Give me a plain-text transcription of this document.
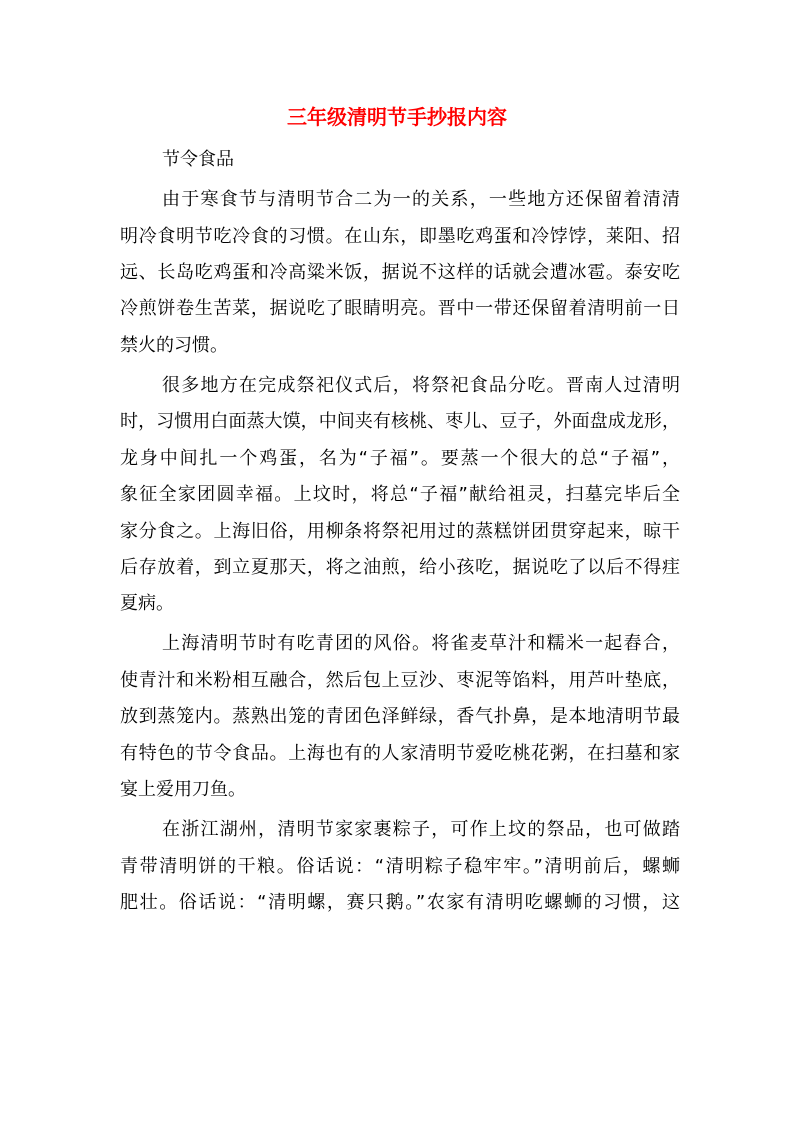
三年级清明节手抄报内容
节令食品
由于寒食节与清明节合二为一的关系，一些地方还保留着清清
明冷食明节吃冷食的习惯。在山东，即墨吃鸡蛋和冷饽饽，莱阳、招
远、长岛吃鸡蛋和冷高粱米饭，据说不这样的话就会遭冰雹。泰安吃
冷煎饼卷生苦菜，据说吃了眼睛明亮。晋中一带还保留着清明前一日
禁火的习惯。
很多地方在完成祭祀仪式后，将祭祀食品分吃。晋南人过清明
时，习惯用白面蒸大馍，中间夹有核桃、枣儿、豆子，外面盘成龙形，
龙身中间扎一个鸡蛋，名为“子福”。要蒸一个很大的总“子福”，
象征全家团圆幸福。上坟时，将总“子福”献给祖灵，扫墓完毕后全
家分食之。上海旧俗，用柳条将祭祀用过的蒸糕饼团贯穿起来，晾干
后存放着，到立夏那天，将之油煎，给小孩吃，据说吃了以后不得疰
夏病。
上海清明节时有吃青团的风俗。将雀麦草汁和糯米一起舂合，
使青汁和米粉相互融合，然后包上豆沙、枣泥等馅料，用芦叶垫底，
放到蒸笼内。蒸熟出笼的青团色泽鲜绿，香气扑鼻，是本地清明节最
有特色的节令食品。上海也有的人家清明节爱吃桃花粥，在扫墓和家
宴上爱用刀鱼。
在浙江湖州，清明节家家裹粽子，可作上坟的祭品，也可做踏
青带清明饼的干粮。俗话说：“清明粽子稳牢牢。”清明前后，螺蛳
肥壮。俗话说：“清明螺，赛只鹅。”农家有清明吃螺蛳的习惯，这
